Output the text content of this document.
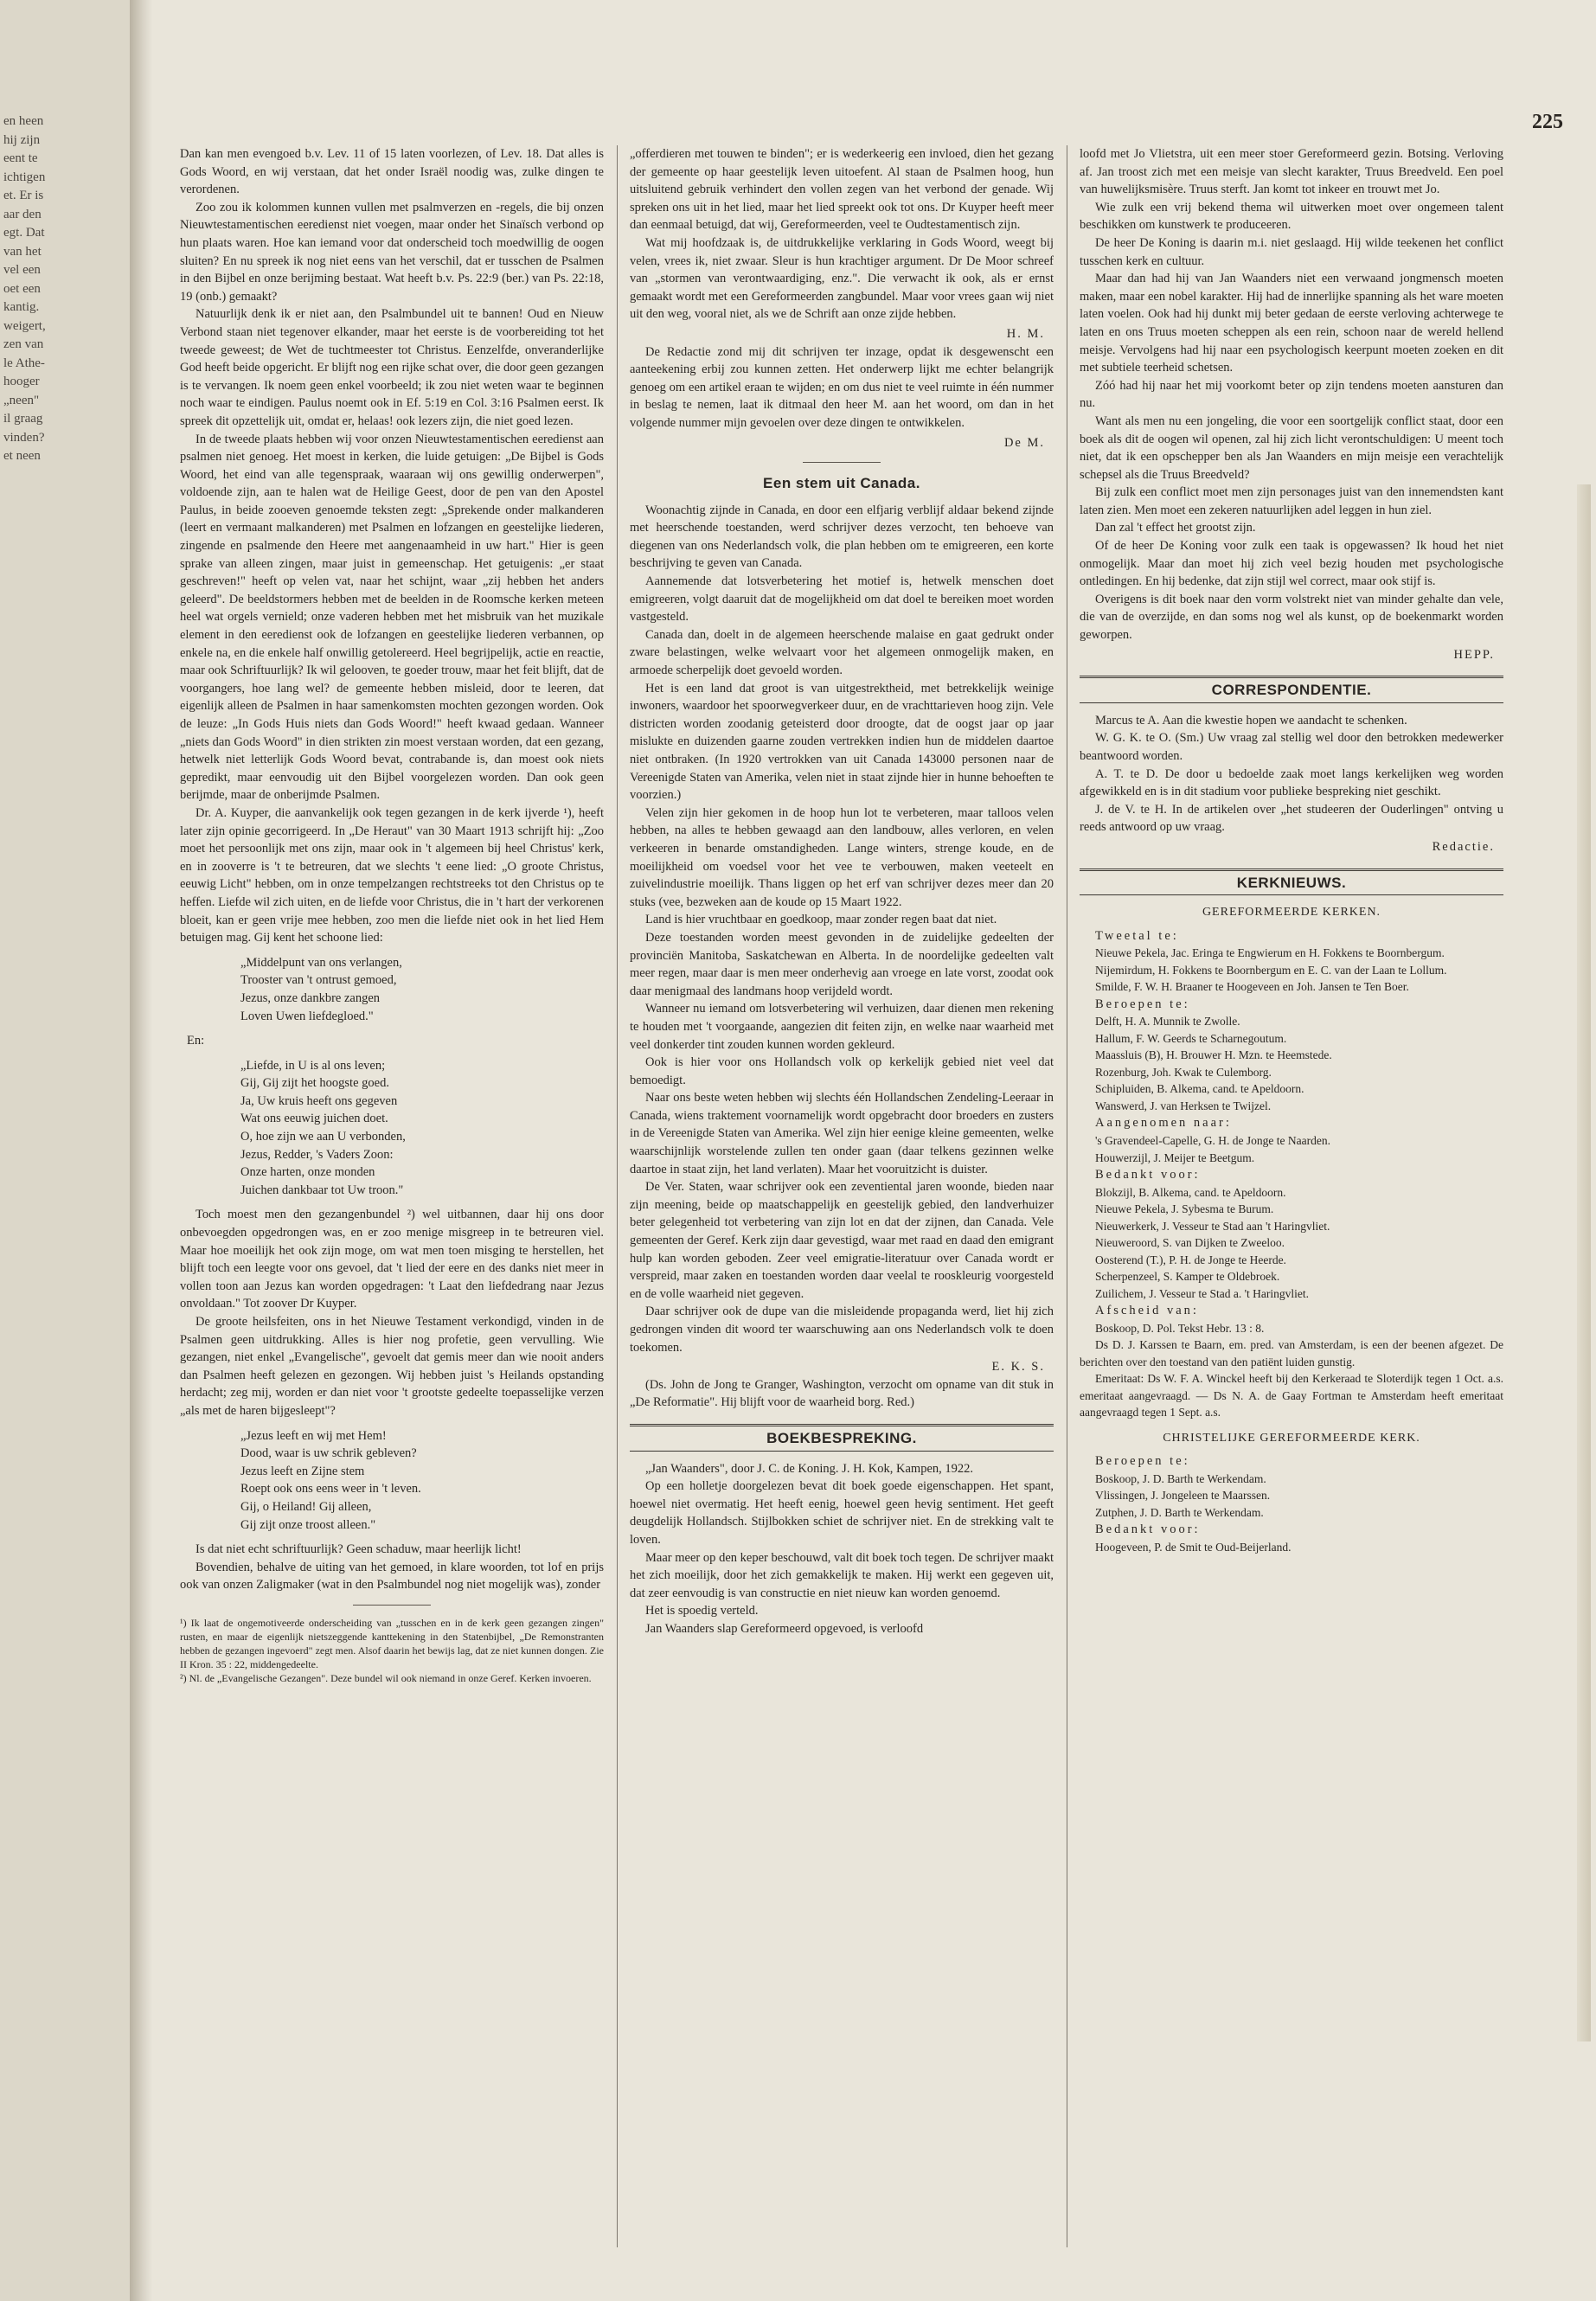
en heen
hij zijn
eent te
ichtigen
et. Er is
aar den
egt. Dat
van het
vel een
oet een
kantig.
weigert,
zen van
le Athe-
hooger
„neen"
il graag
vinden?
et neen
225

Dan kan men evengoed b.v. Lev. 11 of 15 laten voorlezen, of Lev. 18. Dat alles is Gods Woord, en wij verstaan, dat het onder Israël noodig was, zulke dingen te verordenen.

Zoo zou ik kolommen kunnen vullen met psalmverzen en -regels, die bij onzen Nieuwtestamentischen eeredienst niet voegen, maar onder het Sinaïsch verbond op hun plaats waren. Hoe kan iemand voor dat onderscheid toch moedwillig de oogen sluiten? En nu spreek ik nog niet eens van het verschil, dat er tusschen de Psalmen in den Bijbel en onze berijming bestaat. Wat heeft b.v. Ps. 22:9 (ber.) van Ps. 22:18, 19 (onb.) gemaakt?

Natuurlijk denk ik er niet aan, den Psalmbundel uit te bannen! Oud en Nieuw Verbond staan niet tegenover elkander, maar het eerste is de voorbereiding tot het tweede geweest; de Wet de tuchtmeester tot Christus. Eenzelfde, onveranderlijke God heeft beide opgericht. Er blijft nog een rijke schat over, die door geen gezangen is te vervangen. Ik noem geen enkel voorbeeld; ik zou niet weten waar te beginnen noch waar te eindigen. Paulus noemt ook in Ef. 5:19 en Col. 3:16 Psalmen eerst. Ik spreek dit opzettelijk uit, omdat er, helaas! ook lezers zijn, die niet goed lezen.

In de tweede plaats hebben wij voor onzen Nieuwtestamentischen eeredienst aan psalmen niet genoeg. Het moest in kerken, die luide getuigen: „De Bijbel is Gods Woord, het eind van alle tegenspraak, waaraan wij ons gewillig onderwerpen", voldoende zijn, aan te halen wat de Heilige Geest, door de pen van den Apostel Paulus, in beide zooeven genoemde teksten zegt: „Sprekende onder malkanderen (leert en vermaant malkanderen) met Psalmen en lofzangen en geestelijke liederen, zingende en psalmende den Heere met aangenaamheid in uw hart." Hier is geen sprake van alleen zingen, maar juist in gemeenschap. Het getuigenis: „er staat geschreven!" heeft op velen vat, naar het schijnt, waar „zij hebben het anders geleerd". De beeldstormers hebben met de beelden in de Roomsche kerken meteen heel wat orgels vernield; onze vaderen hebben met het misbruik van het muzikale element in den eeredienst ook de lofzangen en geestelijke liederen verbannen, op enkele na, en die enkele half onwillig getolereerd. Heel begrijpelijk, actie en reactie, maar ook Schriftuurlijk? Ik wil gelooven, te goeder trouw, maar het feit blijft, dat de voorgangers, hoe lang wel? de gemeente hebben misleid, door te leeren, dat eigenlijk alleen de Psalmen in haar samenkomsten mochten gezongen worden. Ook de leuze: „In Gods Huis niets dan Gods Woord!" heeft kwaad gedaan. Wanneer „niets dan Gods Woord" in dien strikten zin moest verstaan worden, dat een gezang, hetwelk niet letterlijk Gods Woord bevat, contrabande is, dan moest ook niets gepredikt, maar eenvoudig uit den Bijbel voorgelezen worden. Dan ook geen berijmde, maar de onberijmde Psalmen.

Dr. A. Kuyper, die aanvankelijk ook tegen gezangen in de kerk ijverde ¹), heeft later zijn opinie gecorrigeerd. In „De Heraut" van 30 Maart 1913 schrijft hij: „Zoo moet het persoonlijk met ons zijn, maar ook in 't algemeen bij heel Christus' kerk, en in zooverre is 't te betreuren, dat we slechts 't eene lied: „O groote Christus, eeuwig Licht" hebben, om in onze tempelzangen rechtstreeks tot den Christus op te heffen. Liefde wil zich uiten, en de liefde voor Christus, die in 't hart der verkorenen bloeit, kan er geen vrije mee hebben, zoo men die liefde niet ook in het lied Hem betuigen mag. Gij kent het schoone lied:

„Middelpunt van ons verlangen,
Trooster van 't ontrust gemoed,
Jezus, onze dankbre zangen
Loven Uwen liefdegloed."
En:
„Liefde, in U is al ons leven;
Gij, Gij zijt het hoogste goed.
Ja, Uw kruis heeft ons gegeven
Wat ons eeuwig juichen doet.
O, hoe zijn we aan U verbonden,
Jezus, Redder, 's Vaders Zoon:
Onze harten, onze monden
Juichen dankbaar tot Uw troon."

Toch moest men den gezangenbundel ²) wel uitbannen, daar hij ons door onbevoegden opgedrongen was, en er zoo menige misgreep in te betreuren viel. Maar hoe moeilijk het ook zijn moge, om wat men toen misging te herstellen, het blijft toch een leegte voor ons gevoel, dat 't lied der eere en des danks niet meer in vollen toon aan Jezus kan worden opgedragen: 't Laat den liefdedrang naar Jezus onvoldaan." Tot zoover Dr Kuyper.

De groote heilsfeiten, ons in het Nieuwe Testament verkondigd, vinden in de Psalmen geen uitdrukking. Alles is hier nog profetie, geen vervulling. Wie gezangen, niet enkel „Evangelische", gevoelt dat gemis meer dan wie nooit anders dan Psalmen heeft gelezen en gezongen. Wij hebben juist 's Heilands opstanding herdacht; zeg mij, worden er dan niet voor 't grootste gedeelte toepasselijke verzen „als met de haren bijgesleept"?

„Jezus leeft en wij met Hem!
Dood, waar is uw schrik gebleven?
Jezus leeft en Zijne stem
Roept ook ons eens weer in 't leven.
Gij, o Heiland! Gij alleen,
Gij zijt onze troost alleen."

Is dat niet echt schriftuurlijk? Geen schaduw, maar heerlijk licht!

Bovendien, behalve de uiting van het gemoed, in klare woorden, tot lof en prijs ook van onzen Zaligmaker (wat in den Psalmbundel nog niet mogelijk was), zonder

¹) Ik laat de ongemotiveerde onderscheiding van „tusschen en in de kerk geen gezangen zingen" rusten, en maar de eigenlijk nietszeggende kanttekening in den Statenbijbel, „De Remonstranten hebben de gezangen ingevoerd" zegt men. Alsof daarin het bewijs lag, dat ze niet kunnen dongen. Zie II Kron. 35 : 22, middengedeelte.

²) Nl. de „Evangelische Gezangen". Deze bundel wil ook niemand in onze Geref. Kerken invoeren.

„offerdieren met touwen te binden"; er is wederkeerig een invloed, dien het gezang der gemeente op haar geestelijk leven uitoefent. Al staan de Psalmen hoog, hun uitsluitend gebruik verhindert den vollen zegen van het verbond der genade. Wij spreken ons uit in het lied, maar het lied spreekt ook tot ons. Dr Kuyper heeft meer dan eenmaal betuigd, dat wij, Gereformeerden, veel te Oudtestamentisch zijn.

Wat mij hoofdzaak is, de uitdrukkelijke verklaring in Gods Woord, weegt bij velen, vrees ik, niet zwaar. Sleur is hun krachtiger argument. Dr De Moor schreef van „stormen van verontwaardiging, enz.". Die verwacht ik ook, als er ernst gemaakt wordt met een Gereformeerden zangbundel. Maar voor vrees gaan wij niet uit den weg, vooral niet, als we de Schrift aan onze zijde hebben.

H. M.

De Redactie zond mij dit schrijven ter inzage, opdat ik desgewenscht een aanteekening erbij zou kunnen zetten. Het onderwerp lijkt me echter belangrijk genoeg om een artikel eraan te wijden; en om dus niet te veel ruimte in één nummer in beslag te nemen, laat ik ditmaal den heer M. aan het woord, om dan in het volgende nummer mijn gevoelen over deze dingen te ontwikkelen.

De M.
Een stem uit Canada.

Woonachtig zijnde in Canada, en door een elfjarig verblijf aldaar bekend zijnde met heerschende toestanden, werd schrijver dezes verzocht, ten behoeve van diegenen van ons Nederlandsch volk, die plan hebben om te emigreeren, een korte beschrijving te geven van Canada.

Aannemende dat lotsverbetering het motief is, hetwelk menschen doet emigreeren, volgt daaruit dat de mogelijkheid om dat doel te bereiken moet worden vastgesteld.

Canada dan, doelt in de algemeen heerschende malaise en gaat gedrukt onder zware belastingen, welke welvaart voor het algemeen onmogelijk maken, en armoede scherpelijk doet gevoeld worden.

Het is een land dat groot is van uitgestrektheid, met betrekkelijk weinige inwoners, waardoor het spoorwegverkeer duur, en de vrachttarieven hoog zijn. Vele districten worden zoodanig geteisterd door droogte, dat de oogst jaar op jaar mislukte en duizenden gaarne zouden vertrekken indien hun de middelen daartoe niet ontbraken. (In 1920 vertrokken van uit Canada 143000 personen naar de Vereenigde Staten van Amerika, velen niet in staat zijnde hier in hunne behoeften te voorzien.)

Velen zijn hier gekomen in de hoop hun lot te verbeteren, maar talloos velen hebben, na alles te hebben gewaagd aan den landbouw, alles verloren, en velen verkeeren in benarde omstandigheden. Lange winters, strenge koude, en de moeilijkheid om voedsel voor het vee te verbouwen, maken veeteelt en zuivelindustrie moeilijk. Thans liggen op het erf van schrijver dezes meer dan 20 stuks (vee, bezweken aan de koude op 15 Maart 1922.

Land is hier vruchtbaar en goedkoop, maar zonder regen baat dat niet.

Deze toestanden worden meest gevonden in de zuidelijke gedeelten der provinciën Manitoba, Saskatchewan en Alberta. In de noordelijke gedeelten valt meer regen, maar daar is men meer onderhevig aan vroege en late vorst, zoodat ook daar menigmaal des landmans hoop verijdeld wordt.

Wanneer nu iemand om lotsverbetering wil verhuizen, daar dienen men rekening te houden met 't voorgaande, aangezien dit feiten zijn, en welke naar waarheid met veel donkerder tint zouden kunnen worden gekleurd.

Ook is hier voor ons Hollandsch volk op kerkelijk gebied niet veel dat bemoedigt.

Naar ons beste weten hebben wij slechts één Hollandschen Zendeling-Leeraar in Canada, wiens traktement voornamelijk wordt opgebracht door broeders en zusters in de Vereenigde Staten van Amerika. Wel zijn hier eenige kleine gemeenten, welke waarschijnlijk worstelende zullen ten onder gaan (daar telkens gezinnen welke daartoe in staat zijn, het land verlaten). Maar het vooruitzicht is duister.

De Ver. Staten, waar schrijver ook een zeventiental jaren woonde, bieden naar zijn meening, beide op maatschappelijk en geestelijk gebied, den landverhuizer beter gelegenheid tot verbetering van zijn lot en dat der zijnen, dan Canada. Vele gemeenten der Geref. Kerk zijn daar gevestigd, waar met raad en daad den emigrant hulp kan worden geboden. Zeer veel emigratie-literatuur over Canada wordt er verspreid, maar zaken en toestanden worden daar veelal te rooskleurig voorgesteld en de volle waarheid niet gegeven.

Daar schrijver ook de dupe van die misleidende propaganda werd, liet hij zich gedrongen vinden dit woord ter waarschuwing aan ons Nederlandsch volk te doen toekomen.

E. K. S.

(Ds. John de Jong te Granger, Washington, verzocht om opname van dit stuk in „De Reformatie". Hij blijft voor de waarheid borg. Red.)

BOEKBESPREKING.

„Jan Waanders", door J. C. de Koning. J. H. Kok, Kampen, 1922.

Op een holletje doorgelezen bevat dit boek goede eigenschappen. Het spant, hoewel niet overmatig. Het heeft eenig, hoewel geen hevig sentiment. Het geeft deugdelijk Hollandsch. Stijlbokken schiet de schrijver niet. En de strekking valt te loven.

Maar meer op den keper beschouwd, valt dit boek toch tegen. De schrijver maakt het zich moeilijk, door het zich gemakkelijk te maken. Hij werkt een gegeven uit, dat zeer eenvoudig is van constructie en niet nieuw kan worden genoemd.

Het is spoedig verteld.

Jan Waanders slap Gereformeerd opgevoed, is verloofd

loofd met Jo Vlietstra, uit een meer stoer Gereformeerd gezin. Botsing. Verloving af. Jan troost zich met een meisje van slecht karakter, Truus Breedveld. Een poel van huwelijksmisère. Truus sterft. Jan komt tot inkeer en trouwt met Jo.

Wie zulk een vrij bekend thema wil uitwerken moet over ongemeen talent beschikken om kunstwerk te produceeren.

De heer De Koning is daarin m.i. niet geslaagd. Hij wilde teekenen het conflict tusschen kerk en cultuur.

Maar dan had hij van Jan Waanders niet een verwaand jongmensch moeten maken, maar een nobel karakter. Hij had de innerlijke spanning als het ware moeten laten voelen. Ook had hij dunkt mij beter gedaan de eerste verloving achterwege te laten en ons Truus moeten scheppen als een rein, schoon naar de wereld hellend meisje. Vervolgens had hij naar een psychologisch keerpunt moeten zoeken en dit met subtiele teerheid schetsen.

Zóó had hij naar het mij voorkomt beter op zijn tendens moeten aansturen dan nu.

Want als men nu een jongeling, die voor een soortgelijk conflict staat, door een boek als dit de oogen wil openen, zal hij zich licht verontschuldigen: U meent toch niet, dat ik een opschepper ben als Jan Waanders en mijn meisje een verachtelijk schepsel als die Truus Breedveld?

Bij zulk een conflict moet men zijn personages juist van den innemendsten kant laten zien. Men moet een zekeren natuurlijken adel leggen in hun ziel.

Dan zal 't effect het grootst zijn.

Of de heer De Koning voor zulk een taak is opgewassen? Ik houd het niet onmogelijk. Maar dan moet hij zich veel bezig houden met psychologische ontledingen. En hij bedenke, dat zijn stijl wel correct, maar ook stijf is.

Overigens is dit boek naar den vorm volstrekt niet van minder gehalte dan vele, die van de overzijde, en dan soms nog wel als kunst, op de boekenmarkt worden geworpen.

HEPP.
CORRESPONDENTIE.

Marcus te A. Aan die kwestie hopen we aandacht te schenken.

W. G. K. te O. (Sm.) Uw vraag zal stellig wel door den betrokken medewerker beantwoord worden.

A. T. te D. De door u bedoelde zaak moet langs kerkelijken weg worden afgewikkeld en is in dit stadium voor publieke bespreking niet geschikt.

J. de V. te H. In de artikelen over „het studeeren der Ouderlingen" ontving u reeds antwoord op uw vraag.

Redactie.
KERKNIEUWS.
GEREFORMEERDE KERKEN.

Tweetal te:

Nieuwe Pekela, Jac. Eringa te Engwierum en H. Fokkens te Boornbergum.

Nijemirdum, H. Fokkens te Boornbergum en E. C. van der Laan te Lollum.

Smilde, F. W. H. Braaner te Hoogeveen en Joh. Jansen te Ten Boer.

Beroepen te:

Delft, H. A. Munnik te Zwolle.

Hallum, F. W. Geerds te Scharnegoutum.

Maassluis (B), H. Brouwer H. Mzn. te Heemstede.

Rozenburg, Joh. Kwak te Culemborg.

Schipluiden, B. Alkema, cand. te Apeldoorn.

Wanswerd, J. van Herksen te Twijzel.

Aangenomen naar:

's Gravendeel-Capelle, G. H. de Jonge te Naarden.

Houwerzijl, J. Meijer te Beetgum.

Bedankt voor:

Blokzijl, B. Alkema, cand. te Apeldoorn.

Nieuwe Pekela, J. Sybesma te Burum.

Nieuwerkerk, J. Vesseur te Stad aan 't Haringvliet.

Nieuweroord, S. van Dijken te Zweeloo.

Oosterend (T.), P. H. de Jonge te Heerde.

Scherpenzeel, S. Kamper te Oldebroek.

Zuilichem, J. Vesseur te Stad a. 't Haringvliet.

Afscheid van:

Boskoop, D. Pol. Tekst Hebr. 13 : 8.

Ds D. J. Karssen te Baarn, em. pred. van Amsterdam, is een der beenen afgezet. De berichten over den toestand van den patiënt luiden gunstig.

Emeritaat: Ds W. F. A. Winckel heeft bij den Kerkeraad te Sloterdijk tegen 1 Oct. a.s. emeritaat aangevraagd. — Ds N. A. de Gaay Fortman te Amsterdam heeft emeritaat aangevraagd tegen 1 Sept. a.s.

CHRISTELIJKE GEREFORMEERDE KERK.

Beroepen te:

Boskoop, J. D. Barth te Werkendam.

Vlissingen, J. Jongeleen te Maarssen.

Zutphen, J. D. Barth te Werkendam.

Bedankt voor:

Hoogeveen, P. de Smit te Oud-Beijerland.
